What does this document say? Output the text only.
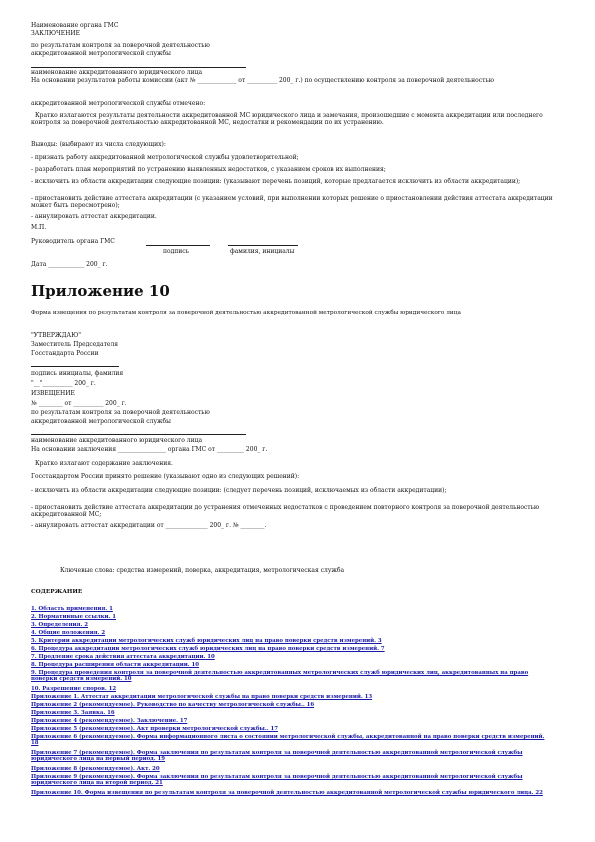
Наименование органа ГМС
ЗАКЛЮЧЕНИЕ
по результатам контроля за поверочной деятельностью
аккредитованной метрологической службы
наименование аккредитованного юридического лица
На основании результатов работы комиссии (акт № _____________ от __________ 200_ г.) по осуществлению контроля за поверочной деятельностью
аккредитованной метрологической службы отмечено:
Кратко излагаются результаты деятельности аккредитованной МС юридического лица и замечания, произошедшие с момента аккредитации или последнего контроля за поверочной деятельностью аккредитованной МС, недостатки и рекомендации по их устранению.
Выводы: (выбирают из числа следующих):
- признать работу аккредитованной метрологической службы удовлетворительной;
- разработать план мероприятий по устранению выявленных недостатков, с указанием сроков их выполнения;
- исключить из области аккредитации следующие позиции: (указывают перечень позиций, которые предлагается исключить из области аккредитации);
- приостановить действие аттестата аккредитации (с указанием условий, при выполнении которых решение о приостановлении действия аттестата аккредитации может быть пересмотрено);
- аннулировать аттестат аккредитации.
М.П.
Руководитель органа ГМС
подпись	фамилия, инициалы
Дата ____________ 200_ г.
Приложение 10
Форма извещения по результатам контроля за поверочной деятельностью аккредитованной метрологической службы юридического лица
"УТВЕРЖДАЮ"
Заместитель Председателя
Госстандарта России
подпись инициалы, фамилия
"__"__________ 200_ г.
ИЗВЕЩЕНИЕ
№ ________ от __________ 200_ г.
по результатам контроля за поверочной деятельностью
аккредитованной метрологической службы
наименование аккредитованного юридического лица
На основании заключения ________________ органа ГМС от _________ 200_ г.
Кратко излагают содержание заключения.
Госстандартом России принято решение (указывают одно из следующих решений):
- исключить из области аккредитации следующие позиции: (следует перечень позиций, исключаемых из области аккредитации);
- приостановить действие аттестата аккредитации до устранения отмеченных недостатков с проведением повторного контроля за поверочной деятельностью аккредитованной МС;
- аннулировать аттестат аккредитации от ______________ 200_ г. № ________.
Ключевые слова: средства измерений, поверка, аккредитация, метрологическая служба
СОДЕРЖАНИЕ
1. Область применения. 1
2. Нормативные ссылки. 1
3. Определения. 2
4. Общие положения. 2
5. Критерии аккредитации метрологических служб юридических лиц на право поверки средств измерений. 3
6. Процедура аккредитации метрологических служб юридических лиц на право поверки средств измерений. 7
7. Продление срока действия аттестата аккредитации. 10
8. Процедура расширения области аккредитации. 10
9. Процедура проведения контроля за поверочной деятельностью аккредитованных метрологических служб юридических лиц, аккредитованных на право поверки средств измерений. 10
10. Разрешение споров. 12
Приложение 1. Аттестат аккредитации метрологической службы на право поверки средств измерений. 13
Приложение 2 (рекомендуемое). Руководство по качеству метрологической службы.. 16
Приложение 3. Заявка. 16
Приложение 4 (рекомендуемое). Заключение. 17
Приложение 5 (рекомендуемое). Акт проверки метрологической службы.. 17
Приложение 6 (рекомендуемое). Форма информационного листа о состоянии метрологической службы, аккредитованной на право поверки средств измерений. 18
Приложение 7 (рекомендуемое). Форма заключения по результатам контроля за поверочной деятельностью аккредитованной метрологической службы юридического лица на первый период. 19
Приложение 8 (рекомендуемое). Акт. 20
Приложение 9 (рекомендуемое). Форма заключения по результатам контроля за поверочной деятельностью аккредитованной метрологической службы юридического лица на второй период. 21
Приложение 10. Форма извещения по результатам контроля за поверочной деятельностью аккредитованной метрологической службы юридического лица. 22
